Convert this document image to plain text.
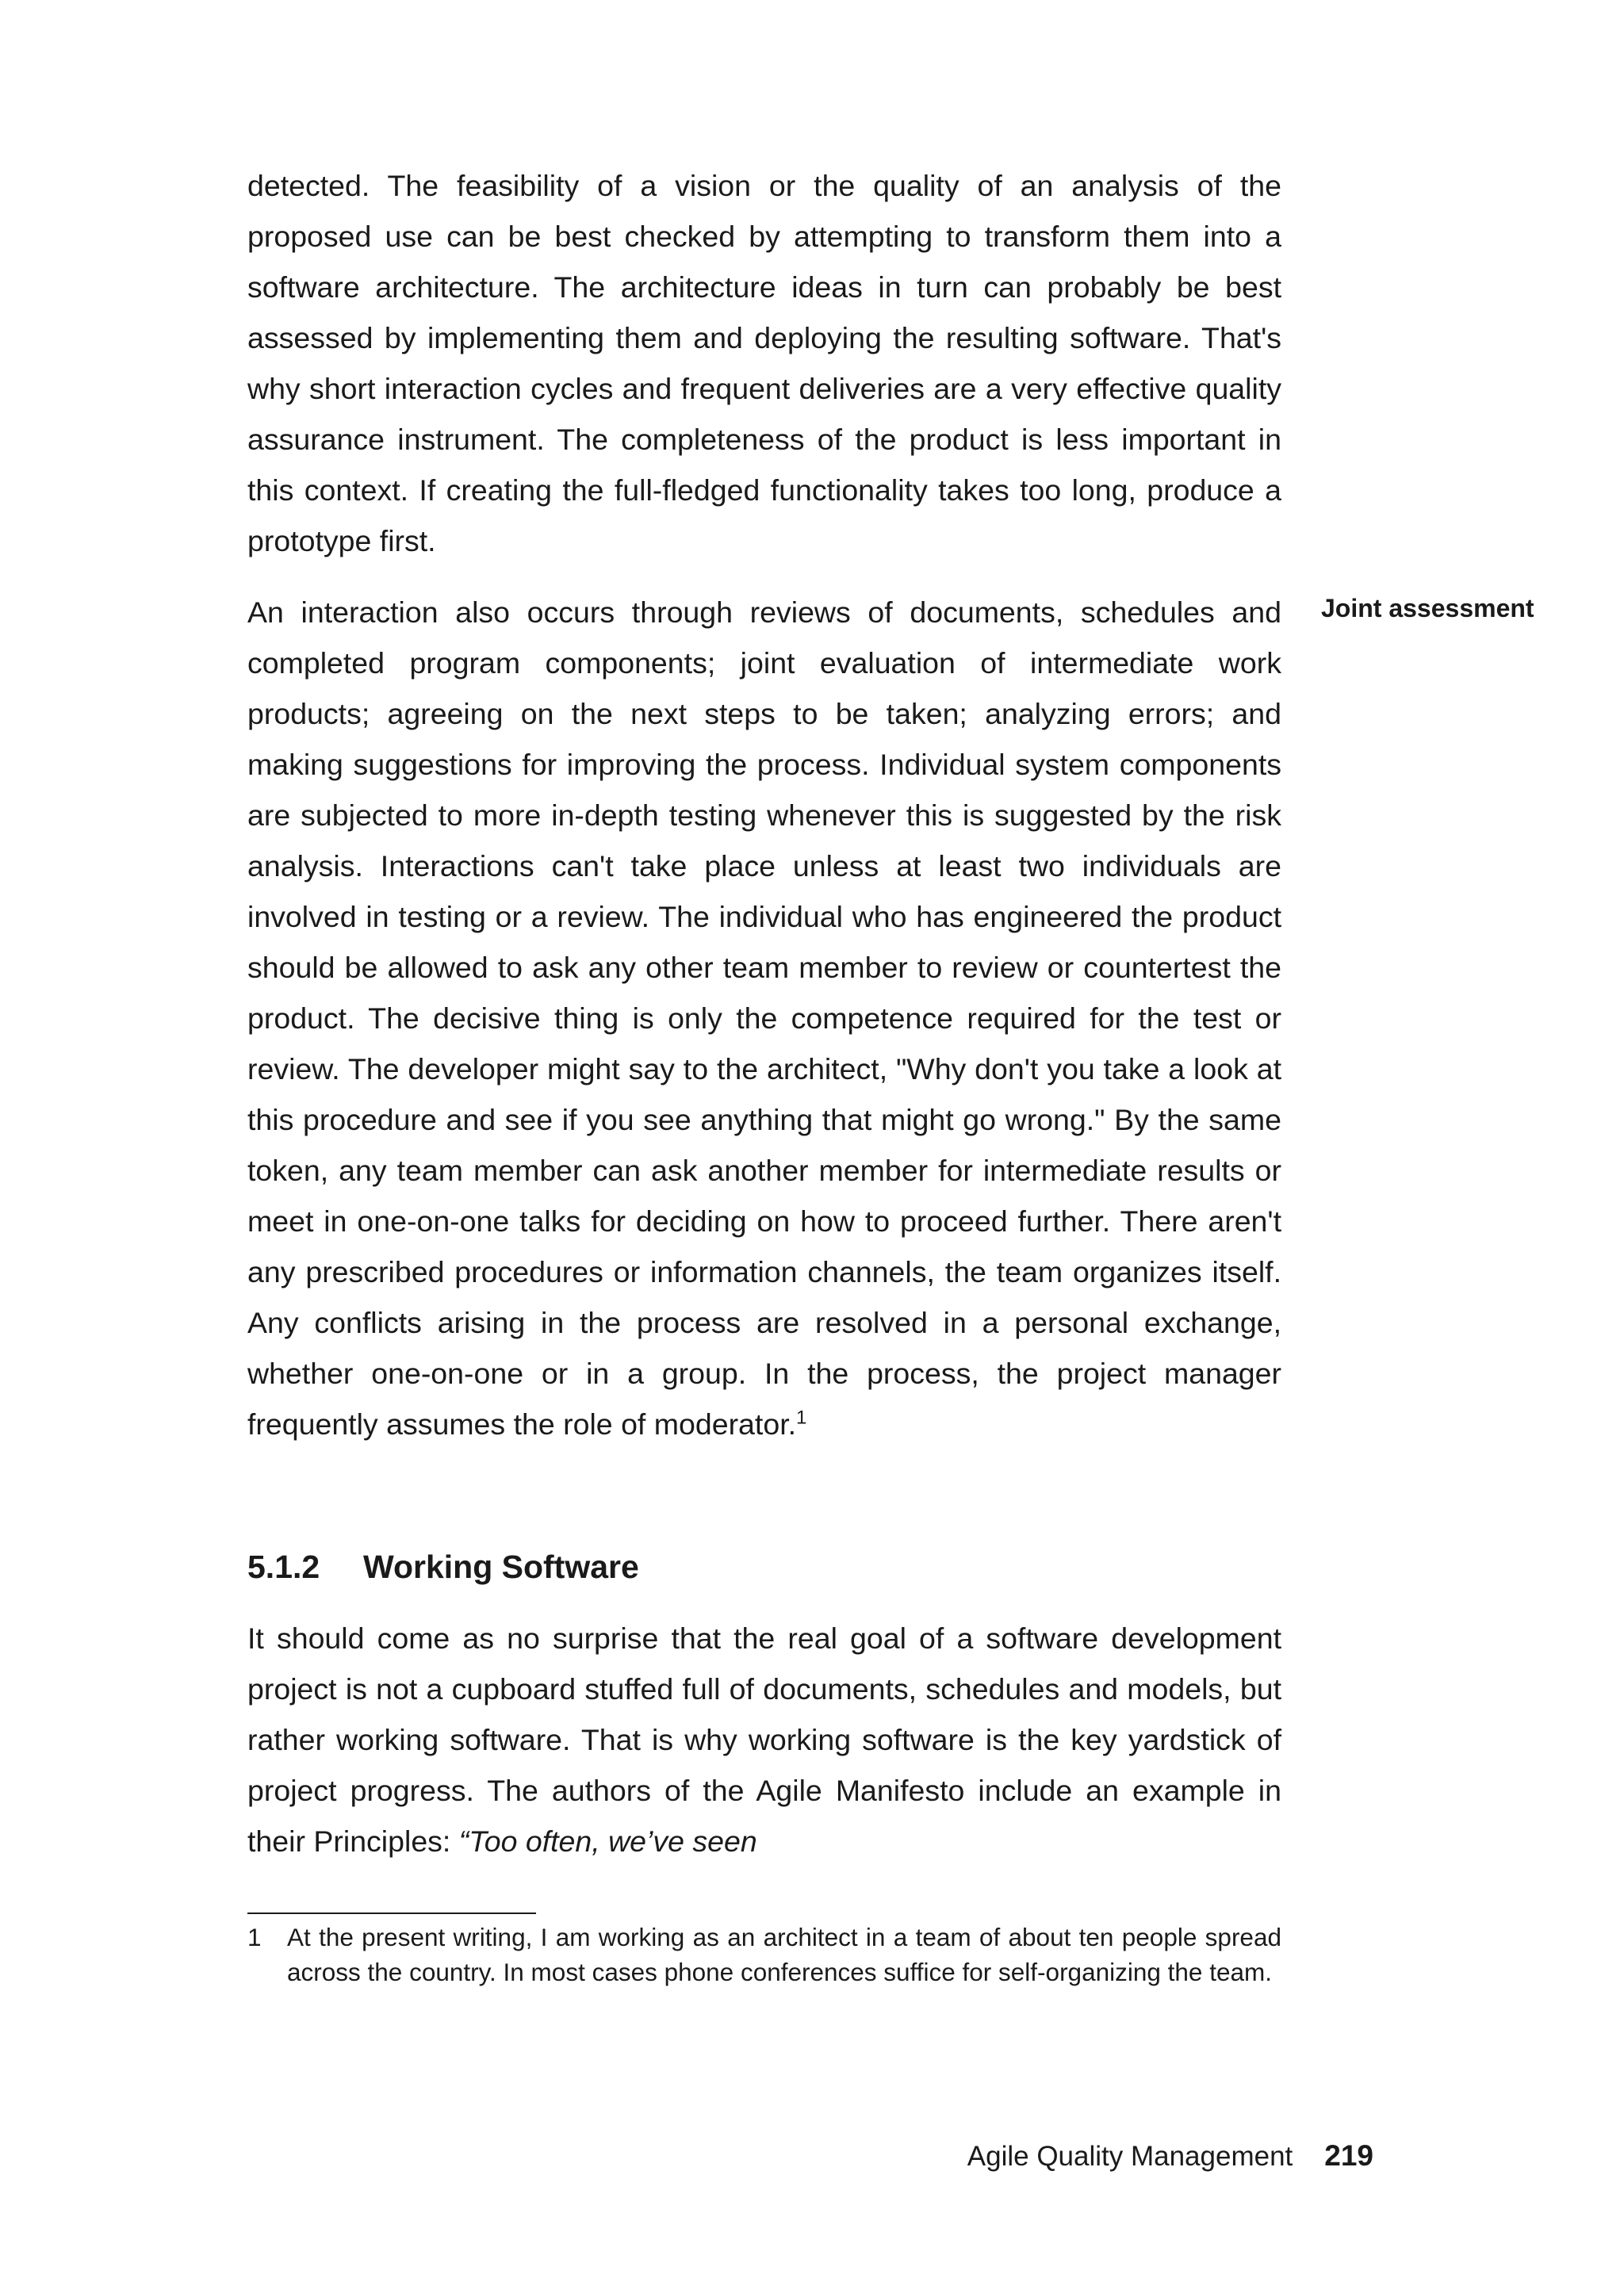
detected. The feasibility of a vision or the quality of an analysis of the proposed use can be best checked by attempting to transform them into a software architecture. The architecture ideas in turn can probably be best assessed by implementing them and deploying the resulting software. That's why short interaction cycles and frequent deliveries are a very effective quality assurance instrument. The completeness of the product is less important in this context. If creating the full-fledged functionality takes too long, produce a prototype first.

Joint assessment

An interaction also occurs through reviews of documents, schedules and completed program components; joint evaluation of intermediate work products; agreeing on the next steps to be taken; analyzing errors; and making suggestions for improving the process. Individual system components are subjected to more in-depth testing whenever this is suggested by the risk analysis. Interactions can't take place unless at least two individuals are involved in testing or a review. The individual who has engineered the product should be allowed to ask any other team member to review or countertest the product. The decisive thing is only the competence required for the test or review. The developer might say to the architect, "Why don't you take a look at this procedure and see if you see anything that might go wrong." By the same token, any team member can ask another member for intermediate results or meet in one-on-one talks for deciding on how to proceed further. There aren't any prescribed procedures or information channels, the team organizes itself. Any conflicts arising in the process are resolved in a personal exchange, whether one-on-one or in a group. In the process, the project manager frequently assumes the role of moderator.$^1$

5.1.2 Working Software

It should come as no surprise that the real goal of a software development project is not a cupboard stuffed full of documents, schedules and models, but rather working software. That is why working software is the key yardstick of project progress. The authors of the Agile Manifesto include an example in their Principles: “Too often, we’ve seen

1 At the present writing, I am working as an architect in a team of about ten people spread across the country. In most cases phone conferences suffice for self-organizing the team.
Agile Quality Management 219
